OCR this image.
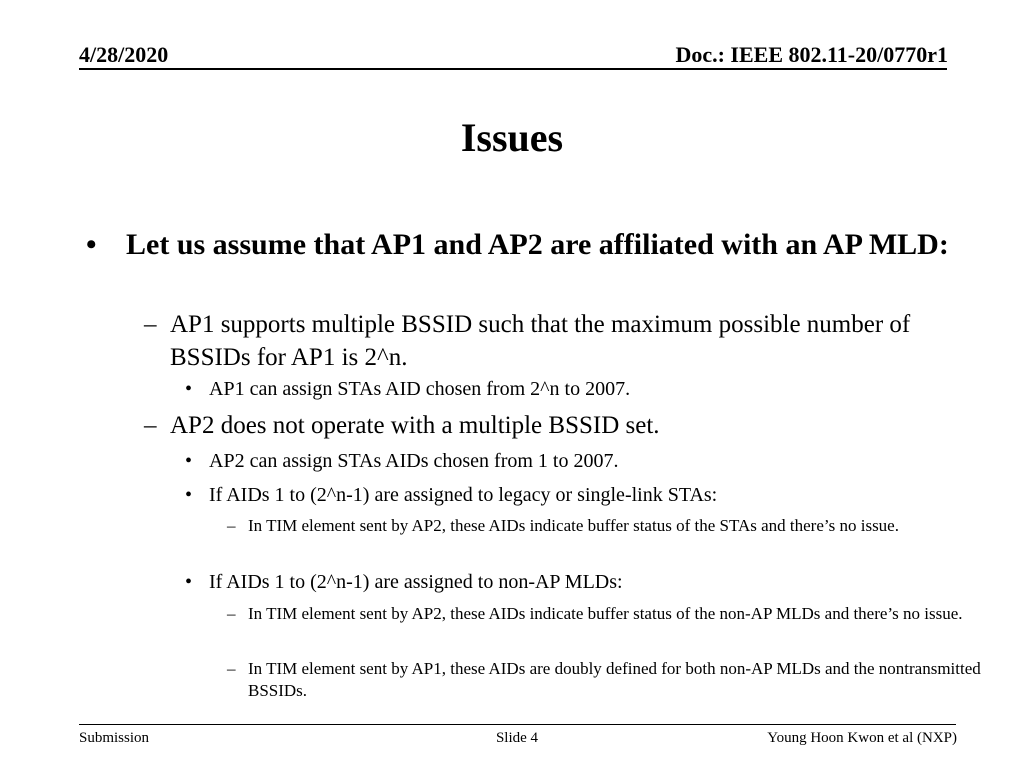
4/28/2020	Doc.: IEEE 802.11-20/0770r1
Issues
• Let us assume that AP1 and AP2 are affiliated with an AP MLD:
– AP1 supports multiple BSSID such that the maximum possible number of BSSIDs for AP1 is 2^n.
• AP1 can assign STAs AID chosen from 2^n to 2007.
– AP2 does not operate with a multiple BSSID set.
• AP2 can assign STAs AIDs chosen from 1 to 2007.
• If AIDs 1 to (2^n-1) are assigned to legacy or single-link STAs:
– In TIM element sent by AP2, these AIDs indicate buffer status of the STAs and there’s no issue.
• If AIDs 1 to (2^n-1) are assigned to non-AP MLDs:
– In TIM element sent by AP2, these AIDs indicate buffer status of the non-AP MLDs and there’s no issue.
– In TIM element sent by AP1, these AIDs are doubly defined for both non-AP MLDs and the nontransmitted BSSIDs.
Submission	Slide 4	Young Hoon Kwon et al (NXP)
